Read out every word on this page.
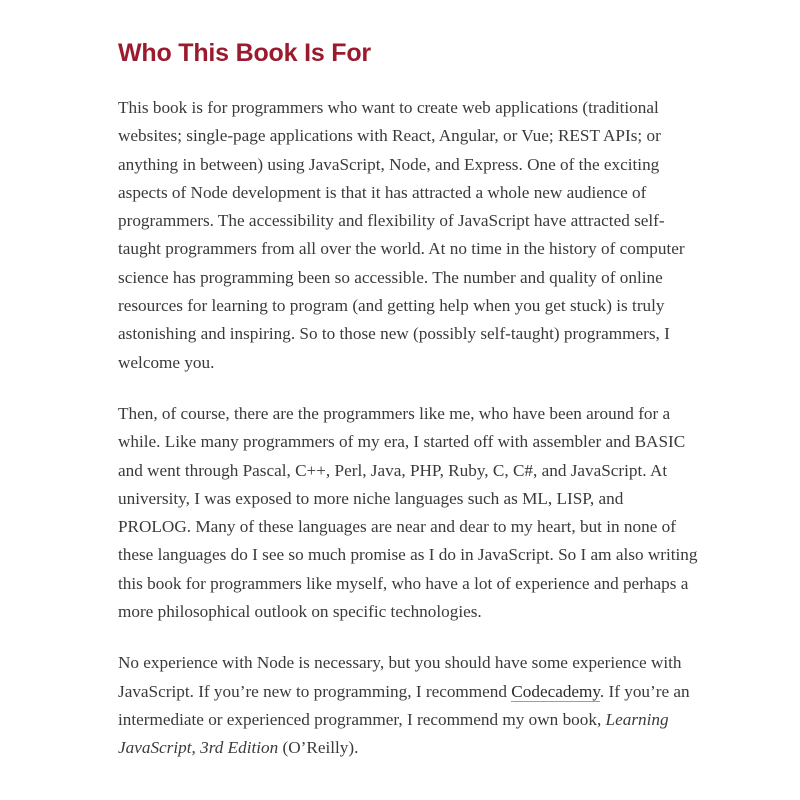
Who This Book Is For

This book is for programmers who want to create web applications (traditional websites; single-page applications with React, Angular, or Vue; REST APIs; or anything in between) using JavaScript, Node, and Express. One of the exciting aspects of Node development is that it has attracted a whole new audience of programmers. The accessibility and flexibility of JavaScript have attracted self-taught programmers from all over the world. At no time in the history of computer science has programming been so accessible. The number and quality of online resources for learning to program (and getting help when you get stuck) is truly astonishing and inspiring. So to those new (possibly self-taught) programmers, I welcome you.

Then, of course, there are the programmers like me, who have been around for a while. Like many programmers of my era, I started off with assembler and BASIC and went through Pascal, C++, Perl, Java, PHP, Ruby, C, C#, and JavaScript. At university, I was exposed to more niche languages such as ML, LISP, and PROLOG. Many of these languages are near and dear to my heart, but in none of these languages do I see so much promise as I do in JavaScript. So I am also writing this book for programmers like myself, who have a lot of experience and perhaps a more philosophical outlook on specific technologies.

No experience with Node is necessary, but you should have some experience with JavaScript. If you’re new to programming, I recommend Codecademy. If you’re an intermediate or experienced programmer, I recommend my own book, Learning JavaScript, 3rd Edition (O’Reilly).
